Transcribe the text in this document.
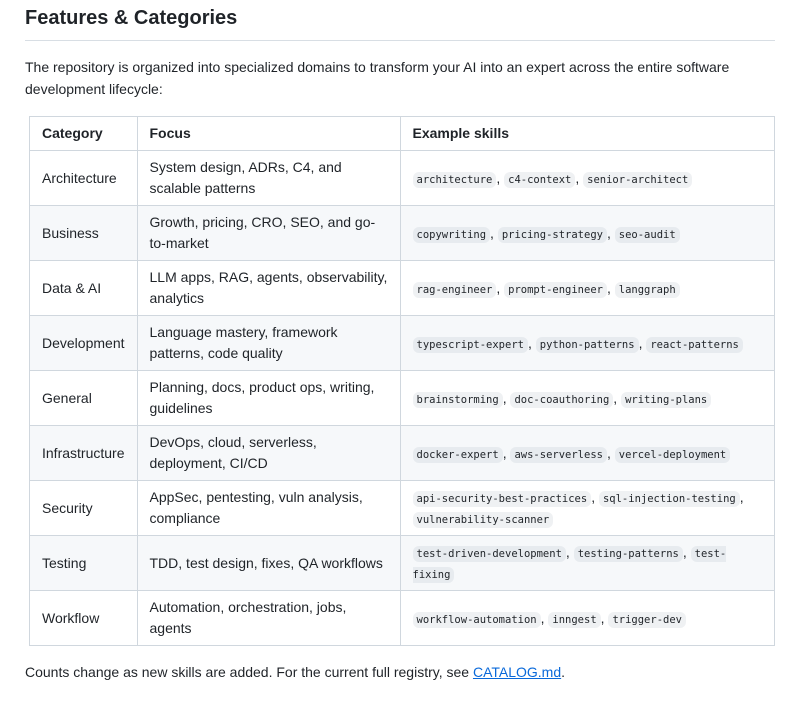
Features & Categories

The repository is organized into specialized domains to transform your AI into an expert across the entire software development lifecycle:

Category	Focus	Example skills
Architecture	System design, ADRs, C4, and scalable patterns	architecture , c4-context , senior-architect
Business	Growth, pricing, CRO, SEO, and go-to-market	copywriting , pricing-strategy , seo-audit
Data & AI	LLM apps, RAG, agents, observability, analytics	rag-engineer , prompt-engineer , langgraph
Development	Language mastery, framework patterns, code quality	typescript-expert , python-patterns , react-patterns
General	Planning, docs, product ops, writing, guidelines	brainstorming , doc-coauthoring , writing-plans
Infrastructure	DevOps, cloud, serverless, deployment, CI/CD	docker-expert , aws-serverless , vercel-deployment
Security	AppSec, pentesting, vuln analysis, compliance	api-security-best-practices , sql-injection-testing , vulnerability-scanner
Testing	TDD, test design, fixes, QA workflows	test-driven-development , testing-patterns , test-fixing
Workflow	Automation, orchestration, jobs, agents	workflow-automation , inngest , trigger-dev

Counts change as new skills are added. For the current full registry, see CATALOG.md.
